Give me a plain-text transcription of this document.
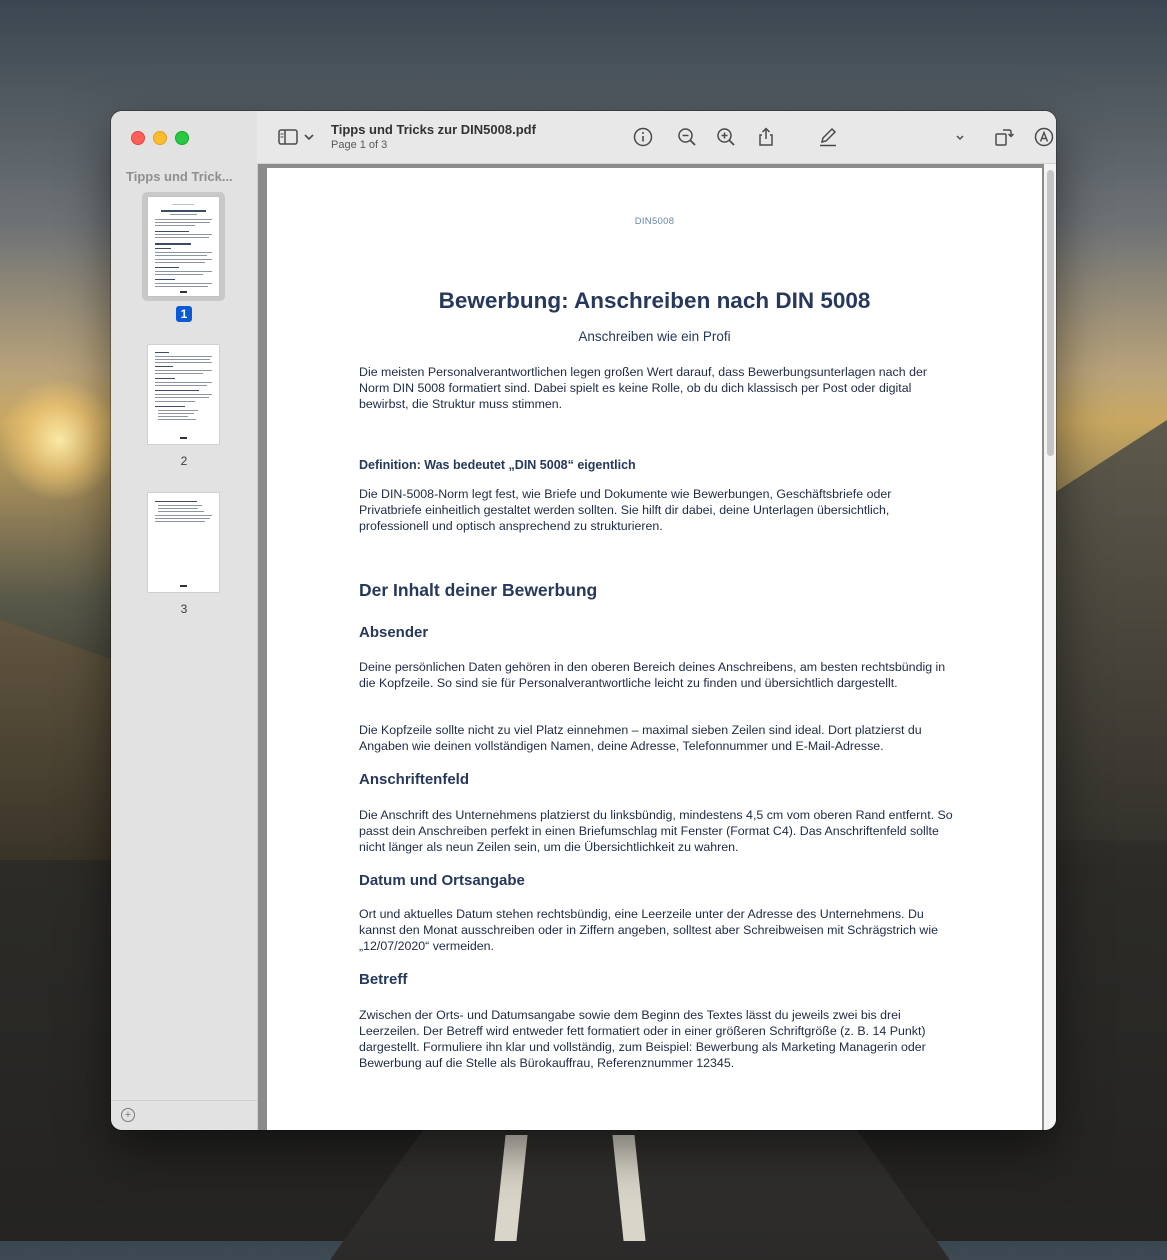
Tipps und Trick...
1
2
3
+
Tipps und Tricks zur DIN5008.pdf
Page 1 of 3
DIN5008
Bewerbung: Anschreiben nach DIN 5008
Anschreiben wie ein Profi
Die meisten Personalverantwortlichen legen großen Wert darauf, dass Bewerbungsunterlagen nach der Norm DIN 5008 formatiert sind. Dabei spielt es keine Rolle, ob du dich klassisch per Post oder digital bewirbst, die Struktur muss stimmen.
Definition: Was bedeutet „DIN 5008“ eigentlich
Die DIN-5008-Norm legt fest, wie Briefe und Dokumente wie Bewerbungen, Geschäftsbriefe oder Privatbriefe einheitlich gestaltet werden sollten. Sie hilft dir dabei, deine Unterlagen übersichtlich, professionell und optisch ansprechend zu strukturieren.
Der Inhalt deiner Bewerbung
Absender
Deine persönlichen Daten gehören in den oberen Bereich deines Anschreibens, am besten rechtsbündig in die Kopfzeile. So sind sie für Personalverantwortliche leicht zu finden und übersichtlich dargestellt.
Die Kopfzeile sollte nicht zu viel Platz einnehmen – maximal sieben Zeilen sind ideal. Dort platzierst du Angaben wie deinen vollständigen Namen, deine Adresse, Telefonnummer und E-Mail-Adresse.
Anschriftenfeld
Die Anschrift des Unternehmens platzierst du linksbündig, mindestens 4,5 cm vom oberen Rand entfernt. So passt dein Anschreiben perfekt in einen Briefumschlag mit Fenster (Format C4). Das Anschriftenfeld sollte nicht länger als neun Zeilen sein, um die Übersichtlichkeit zu wahren.
Datum und Ortsangabe
Ort und aktuelles Datum stehen rechtsbündig, eine Leerzeile unter der Adresse des Unternehmens. Du kannst den Monat ausschreiben oder in Ziffern angeben, solltest aber Schreibweisen mit Schrägstrich wie „12/07/2020“ vermeiden.
Betreff
Zwischen der Orts- und Datumsangabe sowie dem Beginn des Textes lässt du jeweils zwei bis drei Leerzeilen. Der Betreff wird entweder fett formatiert oder in einer größeren Schriftgröße (z. B. 14 Punkt) dargestellt. Formuliere ihn klar und vollständig, zum Beispiel: Bewerbung als Marketing Managerin oder Bewerbung auf die Stelle als Bürokauffrau, Referenznummer 12345.
